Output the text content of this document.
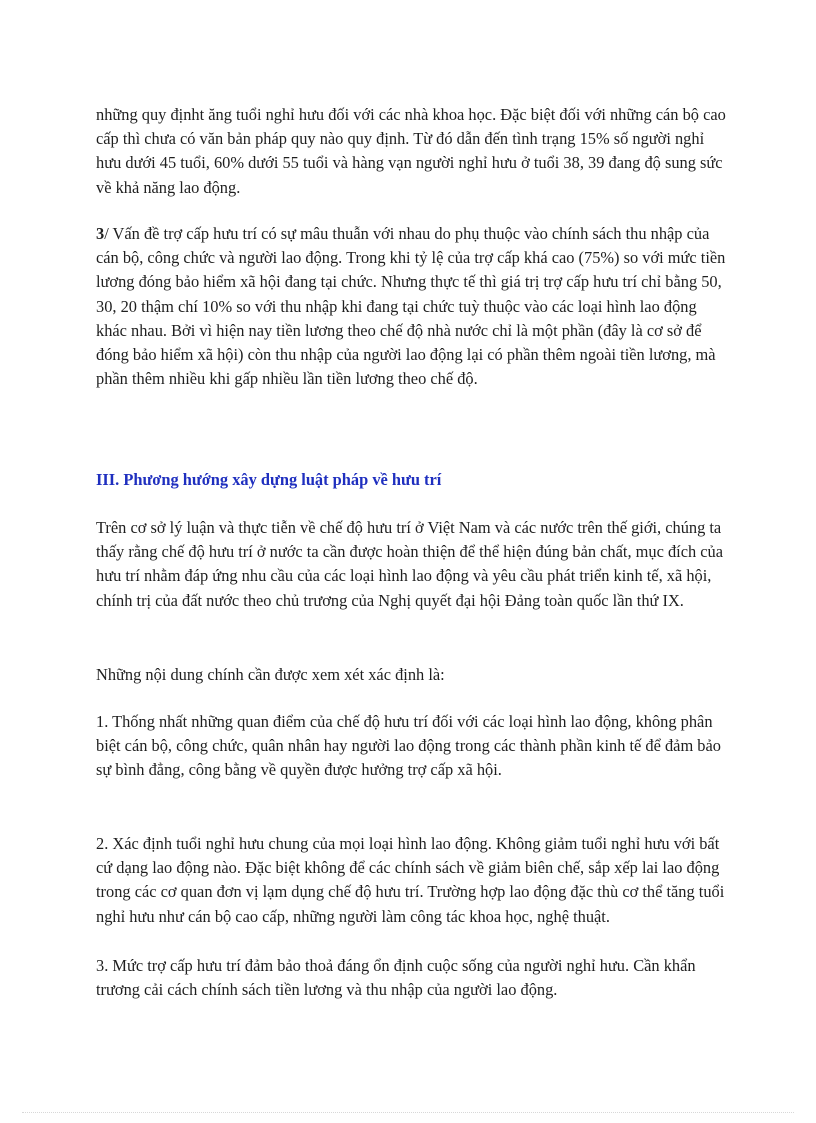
những quy địnht ăng tuổi nghỉ hưu đối với các nhà khoa học. Đặc biệt đối với những cán bộ cao cấp thì chưa có văn bản pháp quy nào quy định. Từ đó dẫn đến tình trạng 15% số người nghỉ hưu dưới 45 tuổi, 60% dưới 55 tuổi và hàng vạn người nghỉ hưu ở tuổi 38, 39 đang độ sung sức về khả năng lao động.

3/ Vấn đề trợ cấp hưu trí có sự mâu thuẫn với nhau do phụ thuộc vào chính sách thu nhập của cán bộ, công chức và người lao động. Trong khi tỷ lệ của trợ cấp khá cao (75%) so với mức tiền lương đóng bảo hiểm xã hội đang tại chức. Nhưng thực tế thì giá trị trợ cấp hưu trí chỉ bằng 50, 30, 20 thậm chí 10% so với thu nhập khi đang tại chức tuỳ thuộc vào các loại hình lao động khác nhau. Bởi vì hiện nay tiền lương theo chế độ nhà nước chỉ là một phần (đây là cơ sở để đóng bảo hiểm xã hội) còn thu nhập của người lao động lại có phần thêm ngoài tiền lương, mà phần thêm nhiều khi gấp nhiều lần tiền lương theo chế độ.

III. Phương hướng xây dựng luật pháp về hưu trí

Trên cơ sở lý luận và thực tiễn về chế độ hưu trí ở Việt Nam và các nước trên thế giới, chúng ta thấy rằng chế độ hưu trí ở nước ta cần được hoàn thiện để thể hiện đúng bản chất, mục đích của hưu trí nhằm đáp ứng nhu cầu của các loại hình lao động và yêu cầu phát triển kinh tế, xã hội, chính trị của đất nước theo chủ trương của Nghị quyết đại hội Đảng toàn quốc lần thứ IX.

Những nội dung chính cần được xem xét xác định là:

1. Thống nhất những quan điểm của chế độ hưu trí đối với các loại hình lao động, không phân biệt cán bộ, công chức, quân nhân hay người lao động trong các thành phần kinh tế để đảm bảo sự bình đẳng, công bằng về quyền được hưởng trợ cấp xã hội.

2. Xác định tuổi nghỉ hưu chung của mọi loại hình lao động. Không giảm tuổi nghỉ hưu với bất cứ dạng lao động nào. Đặc biệt không để các chính sách về giảm biên chế, sắp xếp lai lao động trong các cơ quan đơn vị lạm dụng chế độ hưu trí. Trường hợp lao động đặc thù cơ thể tăng tuổi nghỉ hưu như cán bộ cao cấp, những người làm công tác khoa học, nghệ thuật.

3. Mức trợ cấp hưu trí đảm bảo thoả đáng ổn định cuộc sống của người nghỉ hưu. Cần khẩn trương cải cách chính sách tiền lương và thu nhập của người lao động.
